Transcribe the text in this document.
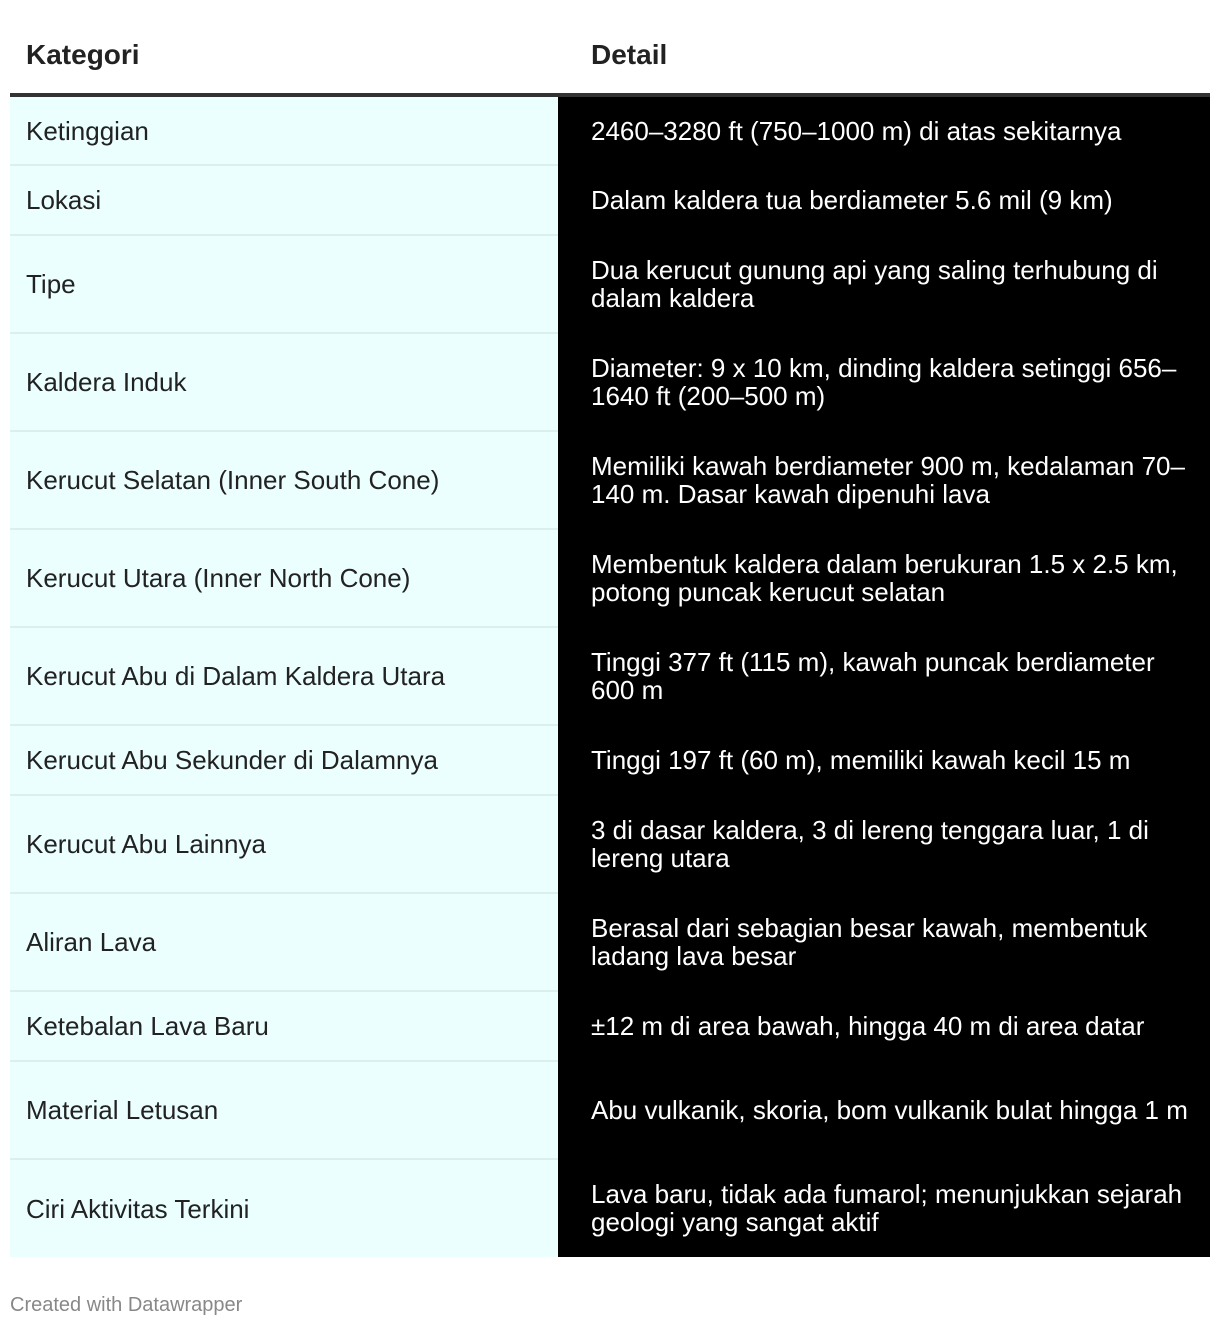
Kategori	Detail
Ketinggian	2460–3280 ft (750–1000 m) di atas sekitarnya
Lokasi	Dalam kaldera tua berdiameter 5.6 mil (9 km)
Tipe	Dua kerucut gunung api yang saling terhubung di dalam kaldera
Kaldera Induk	Diameter: 9 x 10 km, dinding kaldera setinggi 656–1640 ft (200–500 m)
Kerucut Selatan (Inner South Cone)	Memiliki kawah berdiameter 900 m, kedalaman 70–140 m. Dasar kawah dipenuhi lava
Kerucut Utara (Inner North Cone)	Membentuk kaldera dalam berukuran 1.5 x 2.5 km, potong puncak kerucut selatan
Kerucut Abu di Dalam Kaldera Utara	Tinggi 377 ft (115 m), kawah puncak berdiameter 600 m
Kerucut Abu Sekunder di Dalamnya	Tinggi 197 ft (60 m), memiliki kawah kecil 15 m
Kerucut Abu Lainnya	3 di dasar kaldera, 3 di lereng tenggara luar, 1 di lereng utara
Aliran Lava	Berasal dari sebagian besar kawah, membentuk ladang lava besar
Ketebalan Lava Baru	±12 m di area bawah, hingga 40 m di area datar
Material Letusan	Abu vulkanik, skoria, bom vulkanik bulat hingga 1 m
Ciri Aktivitas Terkini	Lava baru, tidak ada fumarol; menunjukkan sejarah geologi yang sangat aktif
Created with Datawrapper
